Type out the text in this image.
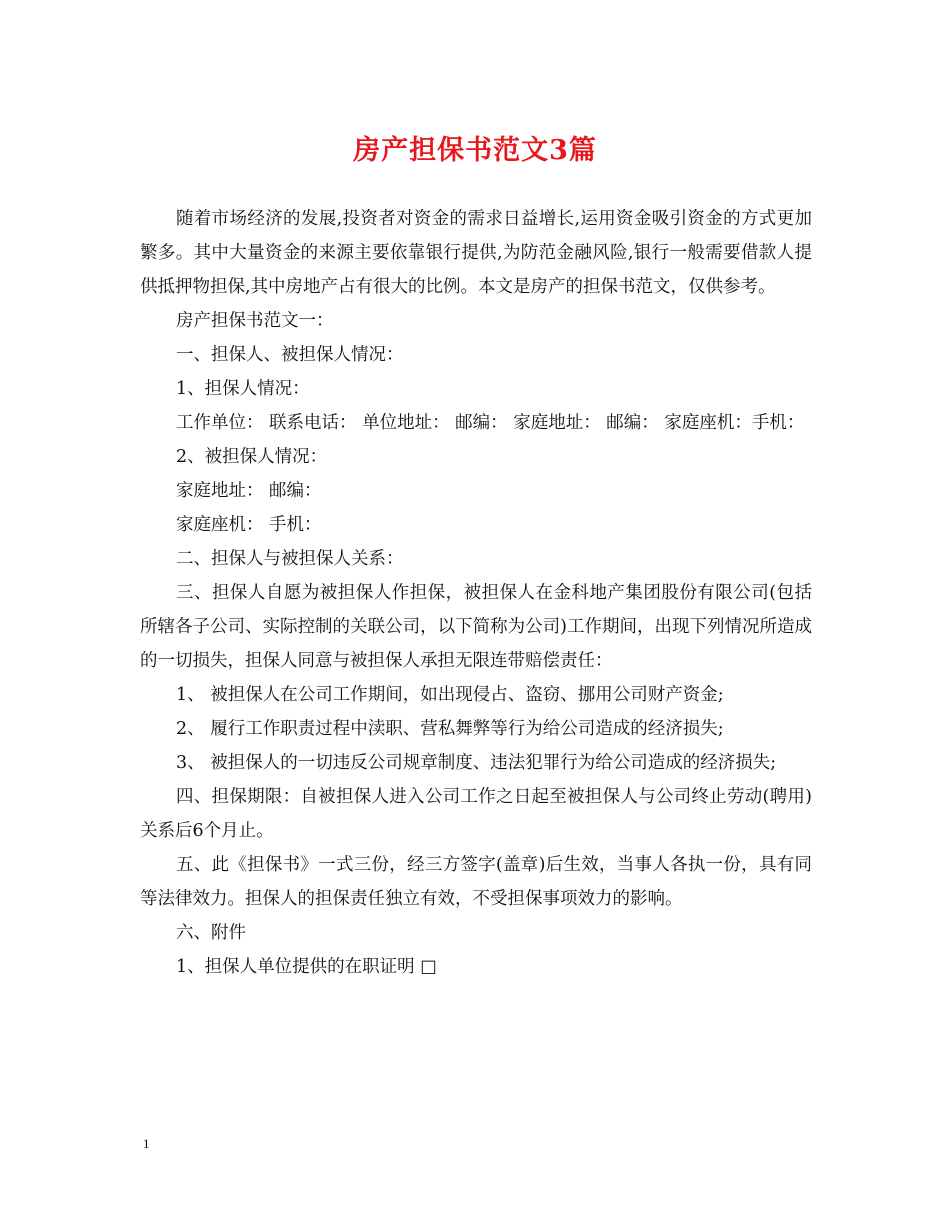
房产担保书范文3篇

随着市场经济的发展,投资者对资金的需求日益增长,运用资金吸引资金的方式更加繁多。其中大量资金的来源主要依靠银行提供,为防范金融风险,银行一般需要借款人提供抵押物担保,其中房地产占有很大的比例。本文是房产的担保书范文，仅供参考。

房产担保书范文一：

一、担保人、被担保人情况：

1、担保人情况：

工作单位： 联系电话： 单位地址： 邮编： 家庭地址： 邮编： 家庭座机：手机：

2、被担保人情况：

家庭地址： 邮编：

家庭座机： 手机：

二、担保人与被担保人关系：

三、担保人自愿为被担保人作担保，被担保人在金科地产集团股份有限公司(包括所辖各子公司、实际控制的关联公司，以下简称为公司)工作期间，出现下列情况所造成的一切损失，担保人同意与被担保人承担无限连带赔偿责任：

1、 被担保人在公司工作期间，如出现侵占、盗窃、挪用公司财产资金;

2、 履行工作职责过程中渎职、营私舞弊等行为给公司造成的经济损失;

3、 被担保人的一切违反公司规章制度、违法犯罪行为给公司造成的经济损失;

四、担保期限：自被担保人进入公司工作之日起至被担保人与公司终止劳动(聘用)关系后6个月止。

五、此《担保书》一式三份，经三方签字(盖章)后生效，当事人各执一份，具有同等法律效力。担保人的担保责任独立有效，不受担保事项效力的影响。

六、附件

1、担保人单位提供的在职证明 □

1
